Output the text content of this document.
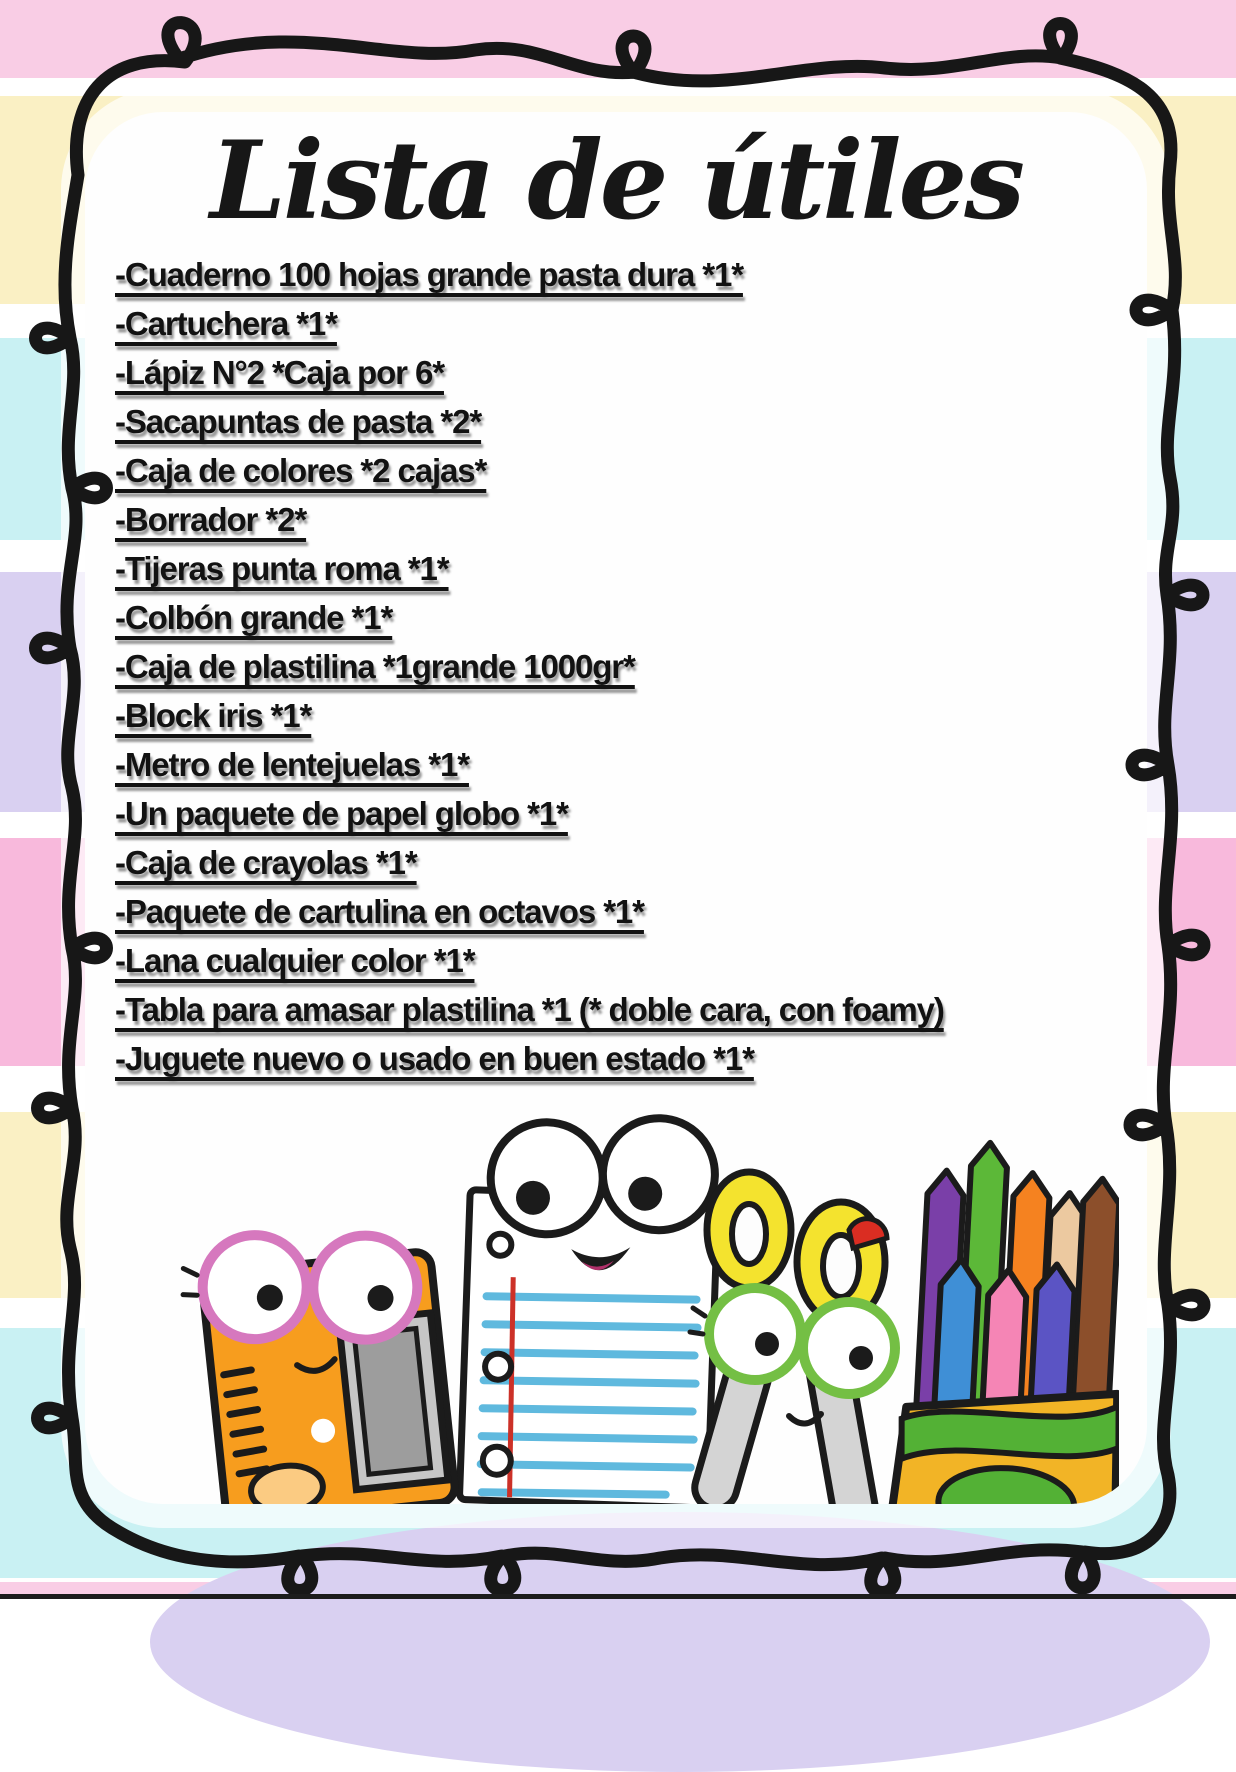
Lista de útiles
-Cuaderno 100 hojas grande pasta dura *1*
-Cartuchera *1*
-Lápiz N°2 *Caja por 6*
-Sacapuntas de pasta *2*
-Caja de colores *2 cajas*
-Borrador *2*
-Tijeras punta roma *1*
-Colbón grande *1*
-Caja de plastilina *1grande 1000gr*
-Block iris *1*
-Metro de lentejuelas *1*
-Un paquete de papel globo *1*
-Caja de crayolas *1*
-Paquete de cartulina en octavos *1*
-Lana cualquier color *1*
-Tabla para amasar plastilina *1 (* doble cara, con foamy)
-Juguete nuevo o usado en buen estado *1*
